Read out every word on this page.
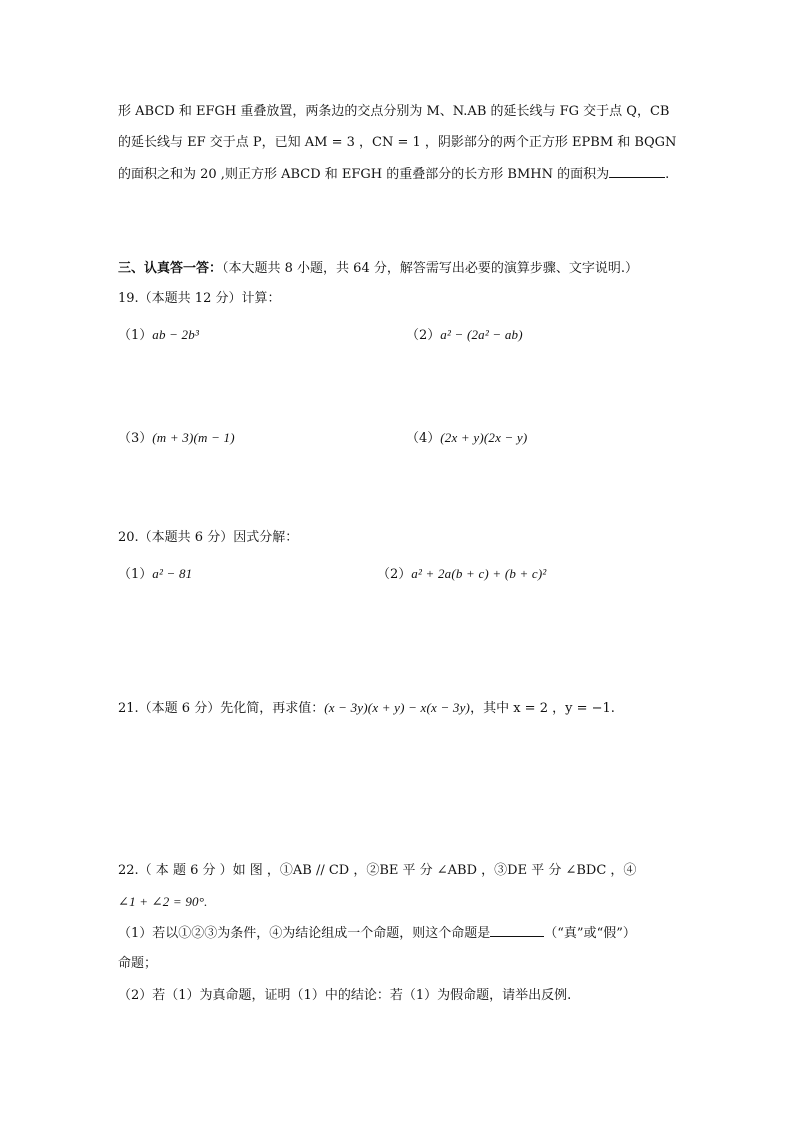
形 ABCD 和 EFGH 重叠放置，两条边的交点分别为 M、N.AB 的延长线与 FG 交于点 Q，CB
的延长线与 EF 交于点 P，已知 AM = 3 ，CN = 1 ，阴影部分的两个正方形 EPBM 和 BQGN
的面积之和为 20 ,则正方形 ABCD 和 EFGH 的重叠部分的长方形 BMHN 的面积为	.
三、认真答一答：（本大题共 8 小题，共 64 分，解答需写出必要的演算步骤、文字说明.）
19.（本题共 12 分）计算：
（1）ab − 2b³	（2）a² − (2a² − ab)
（3）(m + 3)(m − 1)	（4）(2x + y)(2x − y)
20.（本题共 6 分）因式分解：
（1）a² − 81	（2）a² + 2a(b + c) + (b + c)²
21.（本题 6 分）先化简，再求值：(x − 3y)(x + y) − x(x − 3y)，其中 x = 2 ，y = −1.
22.（ 本 题 6 分 ）如 图 ，①AB // CD ，②BE 平 分 ∠ABD ，③DE 平 分 ∠BDC ，④
∠1 + ∠2 = 90°.
（1）若以①②③为条件，④为结论组成一个命题，则这个命题是	（“真”或“假”）
命题；
（2）若（1）为真命题，证明（1）中的结论：若（1）为假命题，请举出反例.
